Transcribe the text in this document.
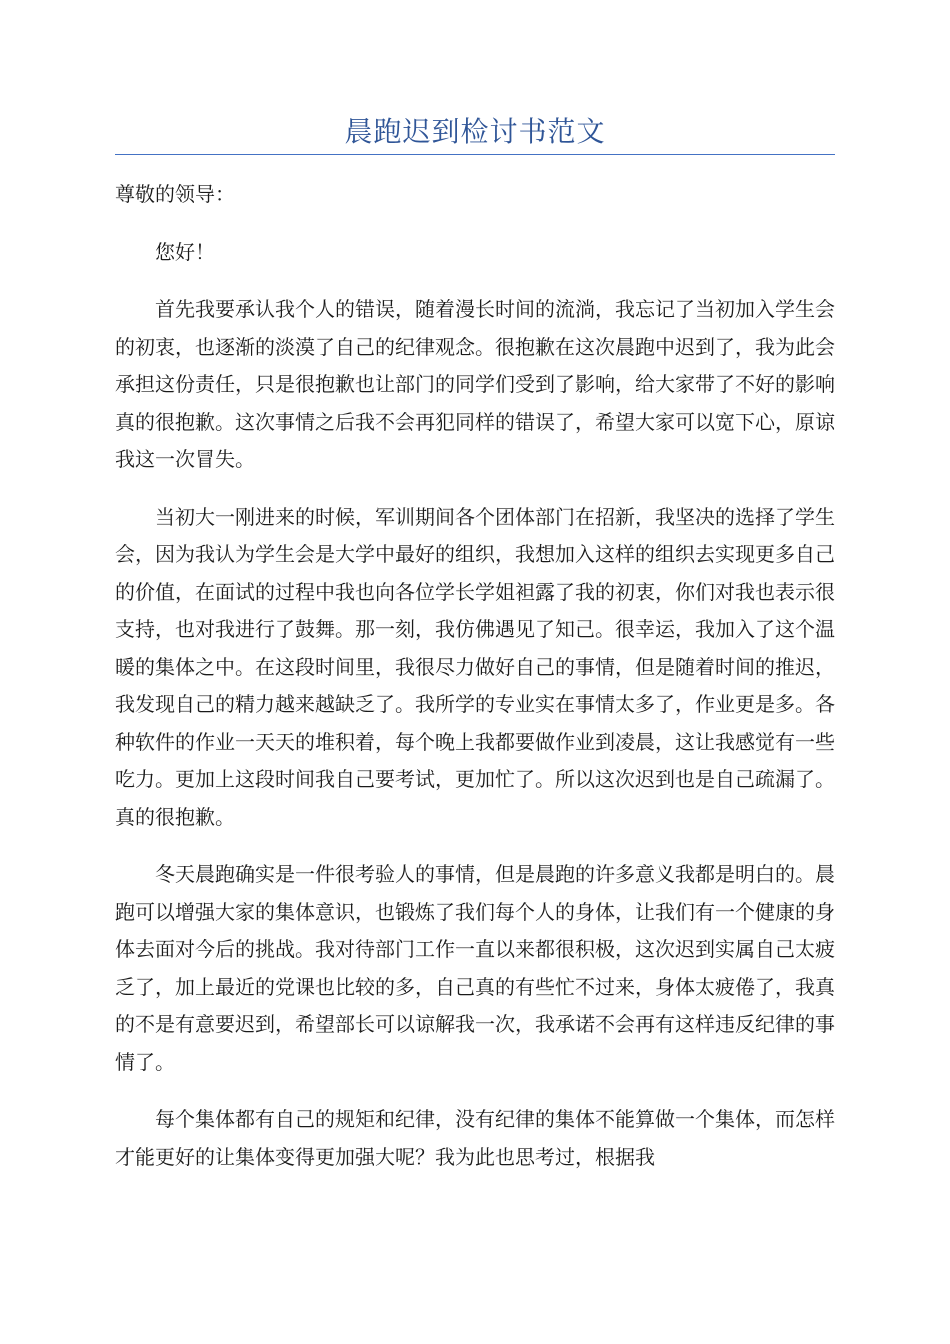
晨跑迟到检讨书范文

尊敬的领导：

您好！

首先我要承认我个人的错误，随着漫长时间的流淌，我忘记了当初加入学生会的初衷，也逐渐的淡漠了自己的纪律观念。很抱歉在这次晨跑中迟到了，我为此会承担这份责任，只是很抱歉也让部门的同学们受到了影响，给大家带了不好的影响真的很抱歉。这次事情之后我不会再犯同样的错误了，希望大家可以宽下心，原谅我这一次冒失。

当初大一刚进来的时候，军训期间各个团体部门在招新，我坚决的选择了学生会，因为我认为学生会是大学中最好的组织，我想加入这样的组织去实现更多自己的价值，在面试的过程中我也向各位学长学姐袒露了我的初衷，你们对我也表示很支持，也对我进行了鼓舞。那一刻，我仿佛遇见了知己。很幸运，我加入了这个温暖的集体之中。在这段时间里，我很尽力做好自己的事情，但是随着时间的推迟，我发现自己的精力越来越缺乏了。我所学的专业实在事情太多了，作业更是多。各种软件的作业一天天的堆积着，每个晚上我都要做作业到凌晨，这让我感觉有一些吃力。更加上这段时间我自己要考试，更加忙了。所以这次迟到也是自己疏漏了。真的很抱歉。

冬天晨跑确实是一件很考验人的事情，但是晨跑的许多意义我都是明白的。晨跑可以增强大家的集体意识，也锻炼了我们每个人的身体，让我们有一个健康的身体去面对今后的挑战。我对待部门工作一直以来都很积极，这次迟到实属自己太疲乏了，加上最近的党课也比较的多，自己真的有些忙不过来，身体太疲倦了，我真的不是有意要迟到，希望部长可以谅解我一次，我承诺不会再有这样违反纪律的事情了。

每个集体都有自己的规矩和纪律，没有纪律的集体不能算做一个集体，而怎样才能更好的让集体变得更加强大呢？我为此也思考过，根据我
